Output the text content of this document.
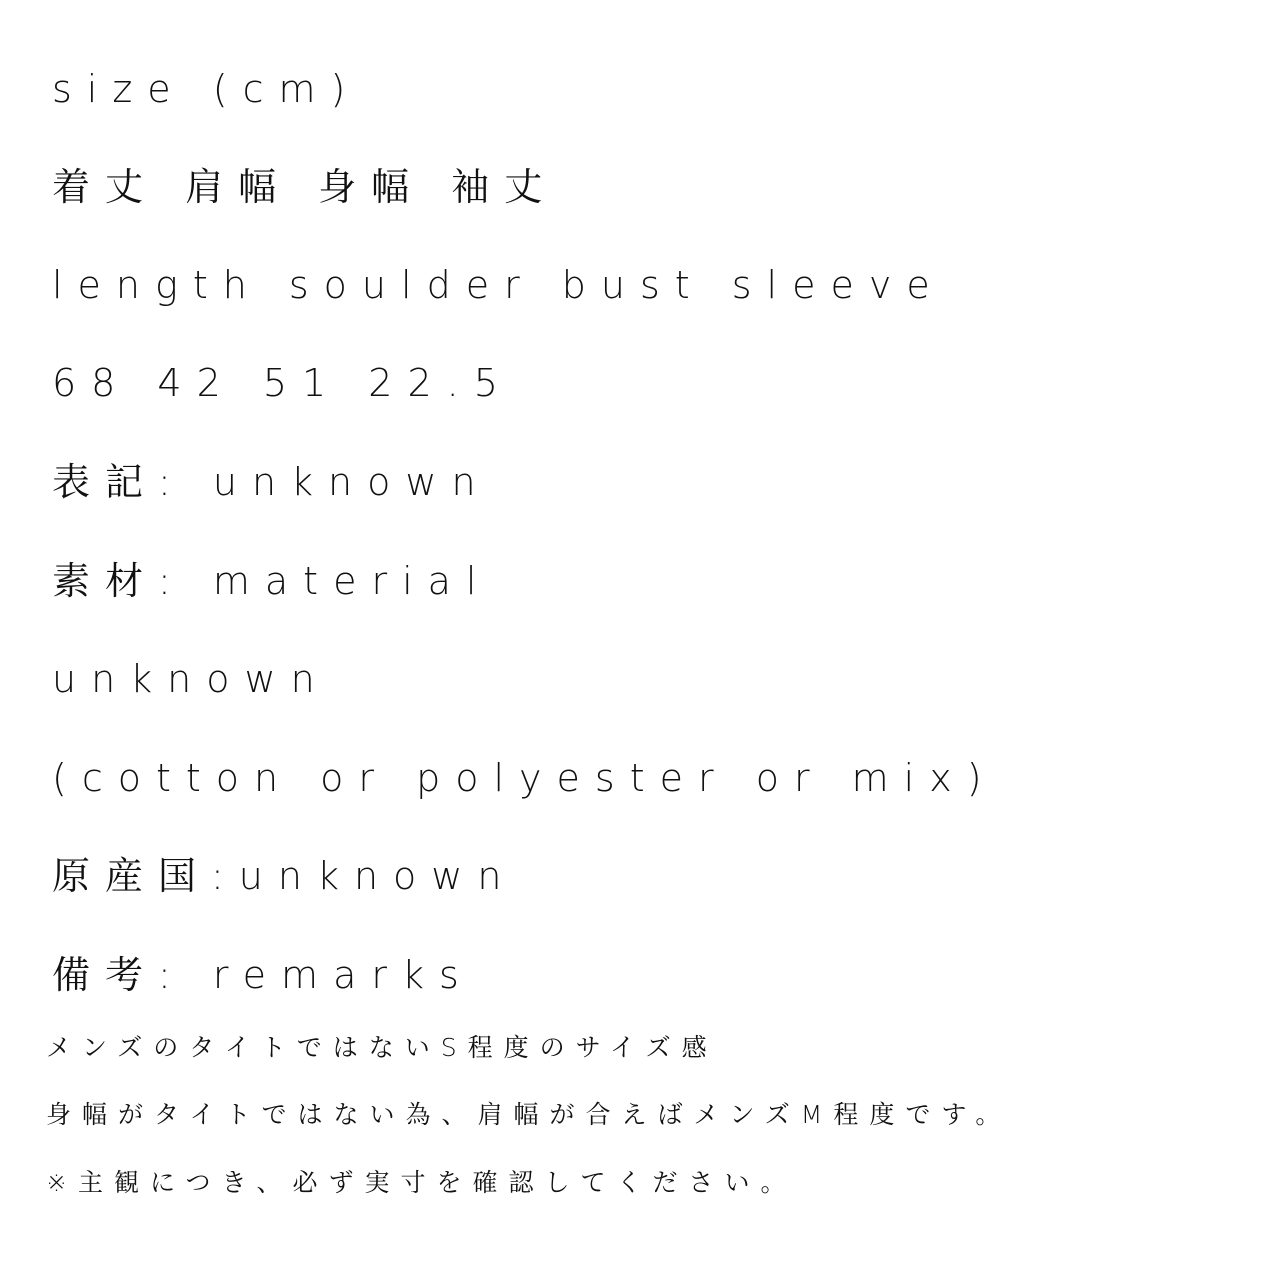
size (cm)
着丈 肩幅 身幅 袖丈
length soulder bust sleeve
68 42 51 22.5
表記: unknown
素材: material
unknown
(cotton or polyester or mix)
原産国:unknown
備考: remarks
メンズのタイトではないS程度のサイズ感
身幅がタイトではない為、肩幅が合えばメンズM程度です。
※主観につき、必ず実寸を確認してください。
